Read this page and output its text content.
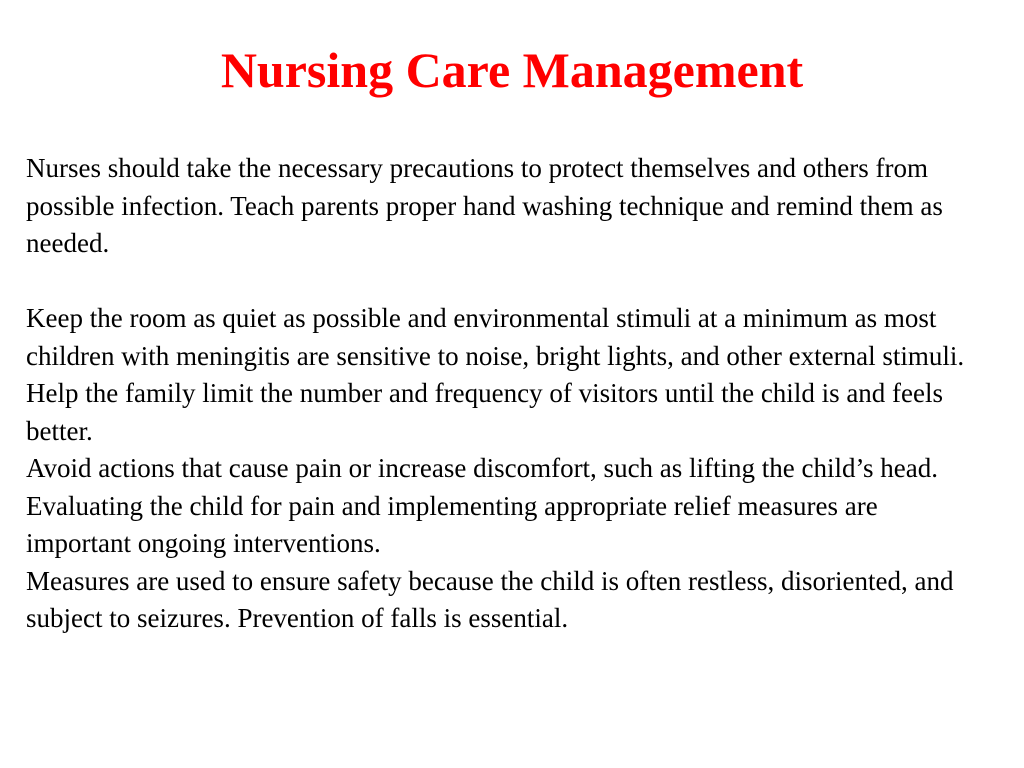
Nursing Care Management

Nurses should take the necessary precautions to protect themselves and others from possible infection. Teach parents proper hand washing technique and remind them as needed.

Keep the room as quiet as possible and environmental stimuli at a minimum as most children with meningitis are sensitive to noise, bright lights, and other external stimuli.

Help the family limit the number and frequency of visitors until the child is and feels better.

Avoid actions that cause pain or increase discomfort, such as lifting the child’s head.

Evaluating the child for pain and implementing appropriate relief measures are important ongoing interventions.

Measures are used to ensure safety because the child is often restless, disoriented, and subject to seizures. Prevention of falls is essential.
